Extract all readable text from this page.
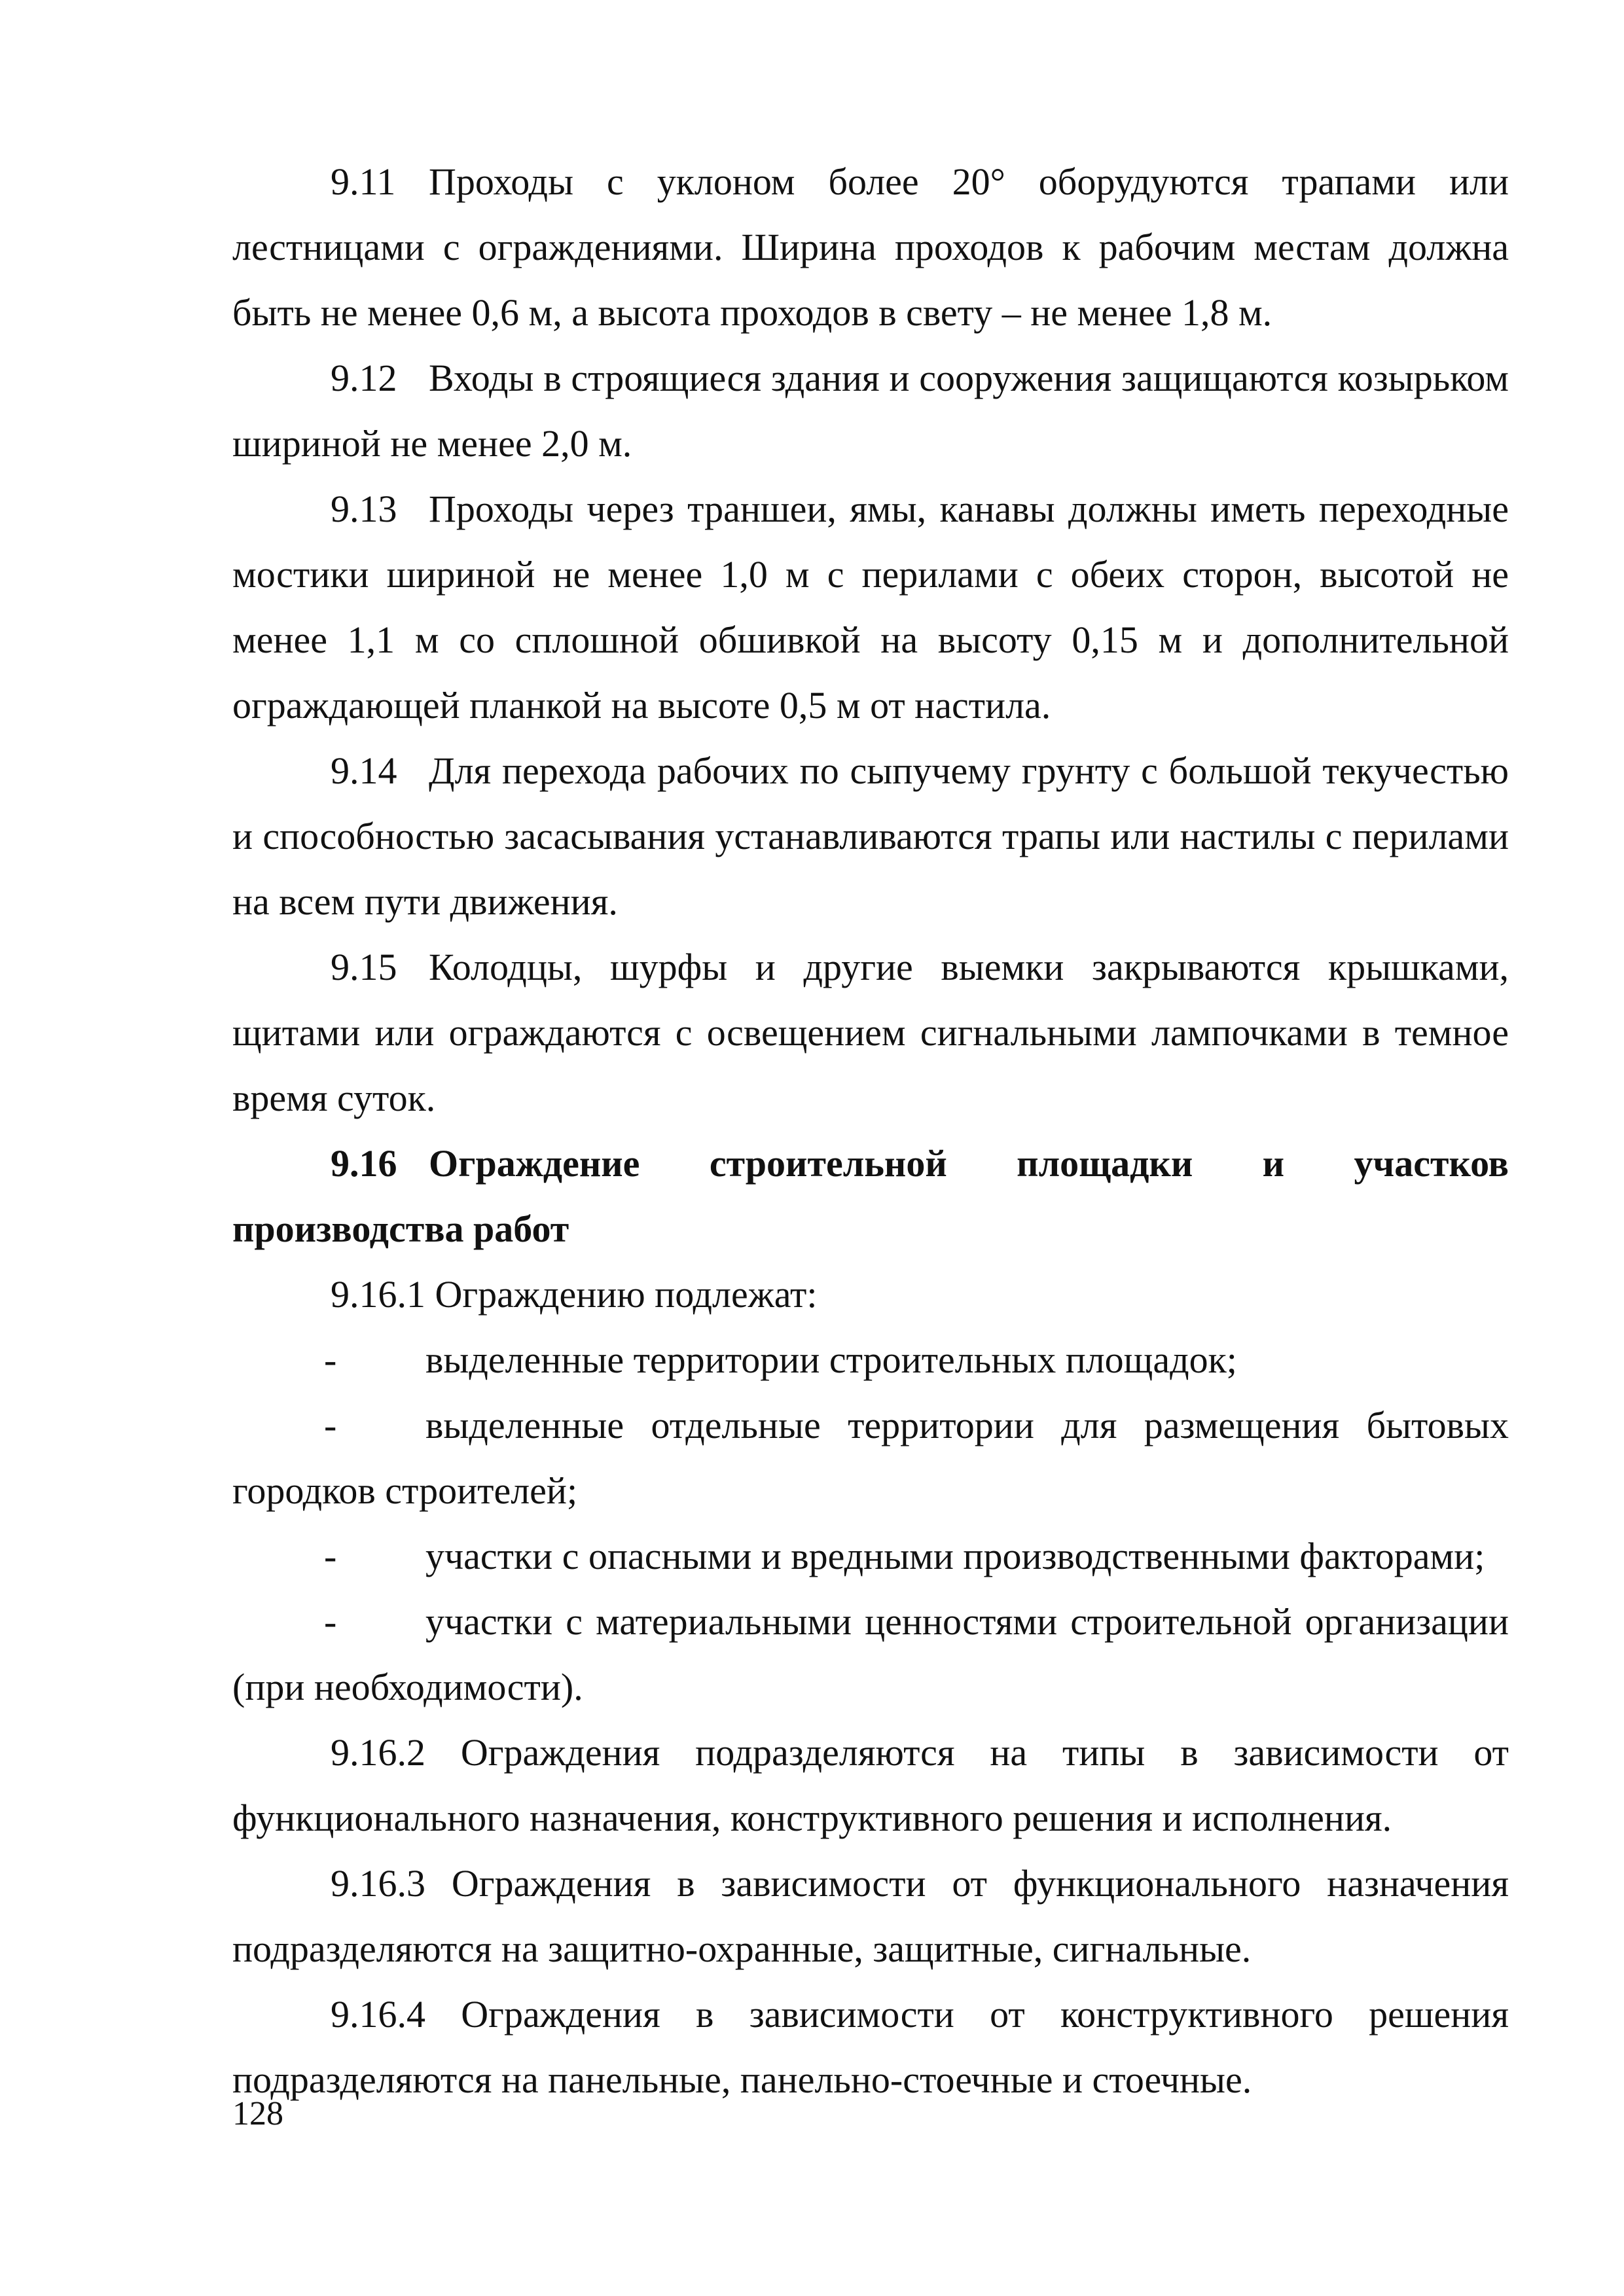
9.11 Проходы с уклоном более 20° оборудуются трапами или лестницами с ограждениями. Ширина проходов к рабочим местам должна быть не менее 0,6 м, а высота проходов в свету – не менее 1,8 м.

9.12 Входы в строящиеся здания и сооружения защищаются козырьком шириной не менее 2,0 м.

9.13 Проходы через траншеи, ямы, канавы должны иметь переходные мостики шириной не менее 1,0 м с перилами с обеих сторон, высотой не менее 1,1 м со сплошной обшивкой на высоту 0,15 м и дополнительной ограждающей планкой на высоте 0,5 м от настила.

9.14 Для перехода рабочих по сыпучему грунту с большой текучестью и способностью засасывания устанавливаются трапы или настилы с перилами на всем пути движения.

9.15 Колодцы, шурфы и другие выемки закрываются крышками, щитами или ограждаются с освещением сигнальными лампочками в темное время суток.

9.16 Ограждение строительной площадки и участков производства работ

9.16.1 Ограждению подлежат:

- выделенные территории строительных площадок;

- выделенные отдельные территории для размещения бытовых городков строителей;

- участки с опасными и вредными производственными факторами;

- участки с материальными ценностями строительной организации (при необходимости).

9.16.2 Ограждения подразделяются на типы в зависимости от функционального назначения, конструктивного решения и исполнения.

9.16.3 Ограждения в зависимости от функционального назначения подразделяются на защитно-охранные, защитные, сигнальные.

9.16.4 Ограждения в зависимости от конструктивного решения подразделяются на панельные, панельно-стоечные и стоечные.

128
